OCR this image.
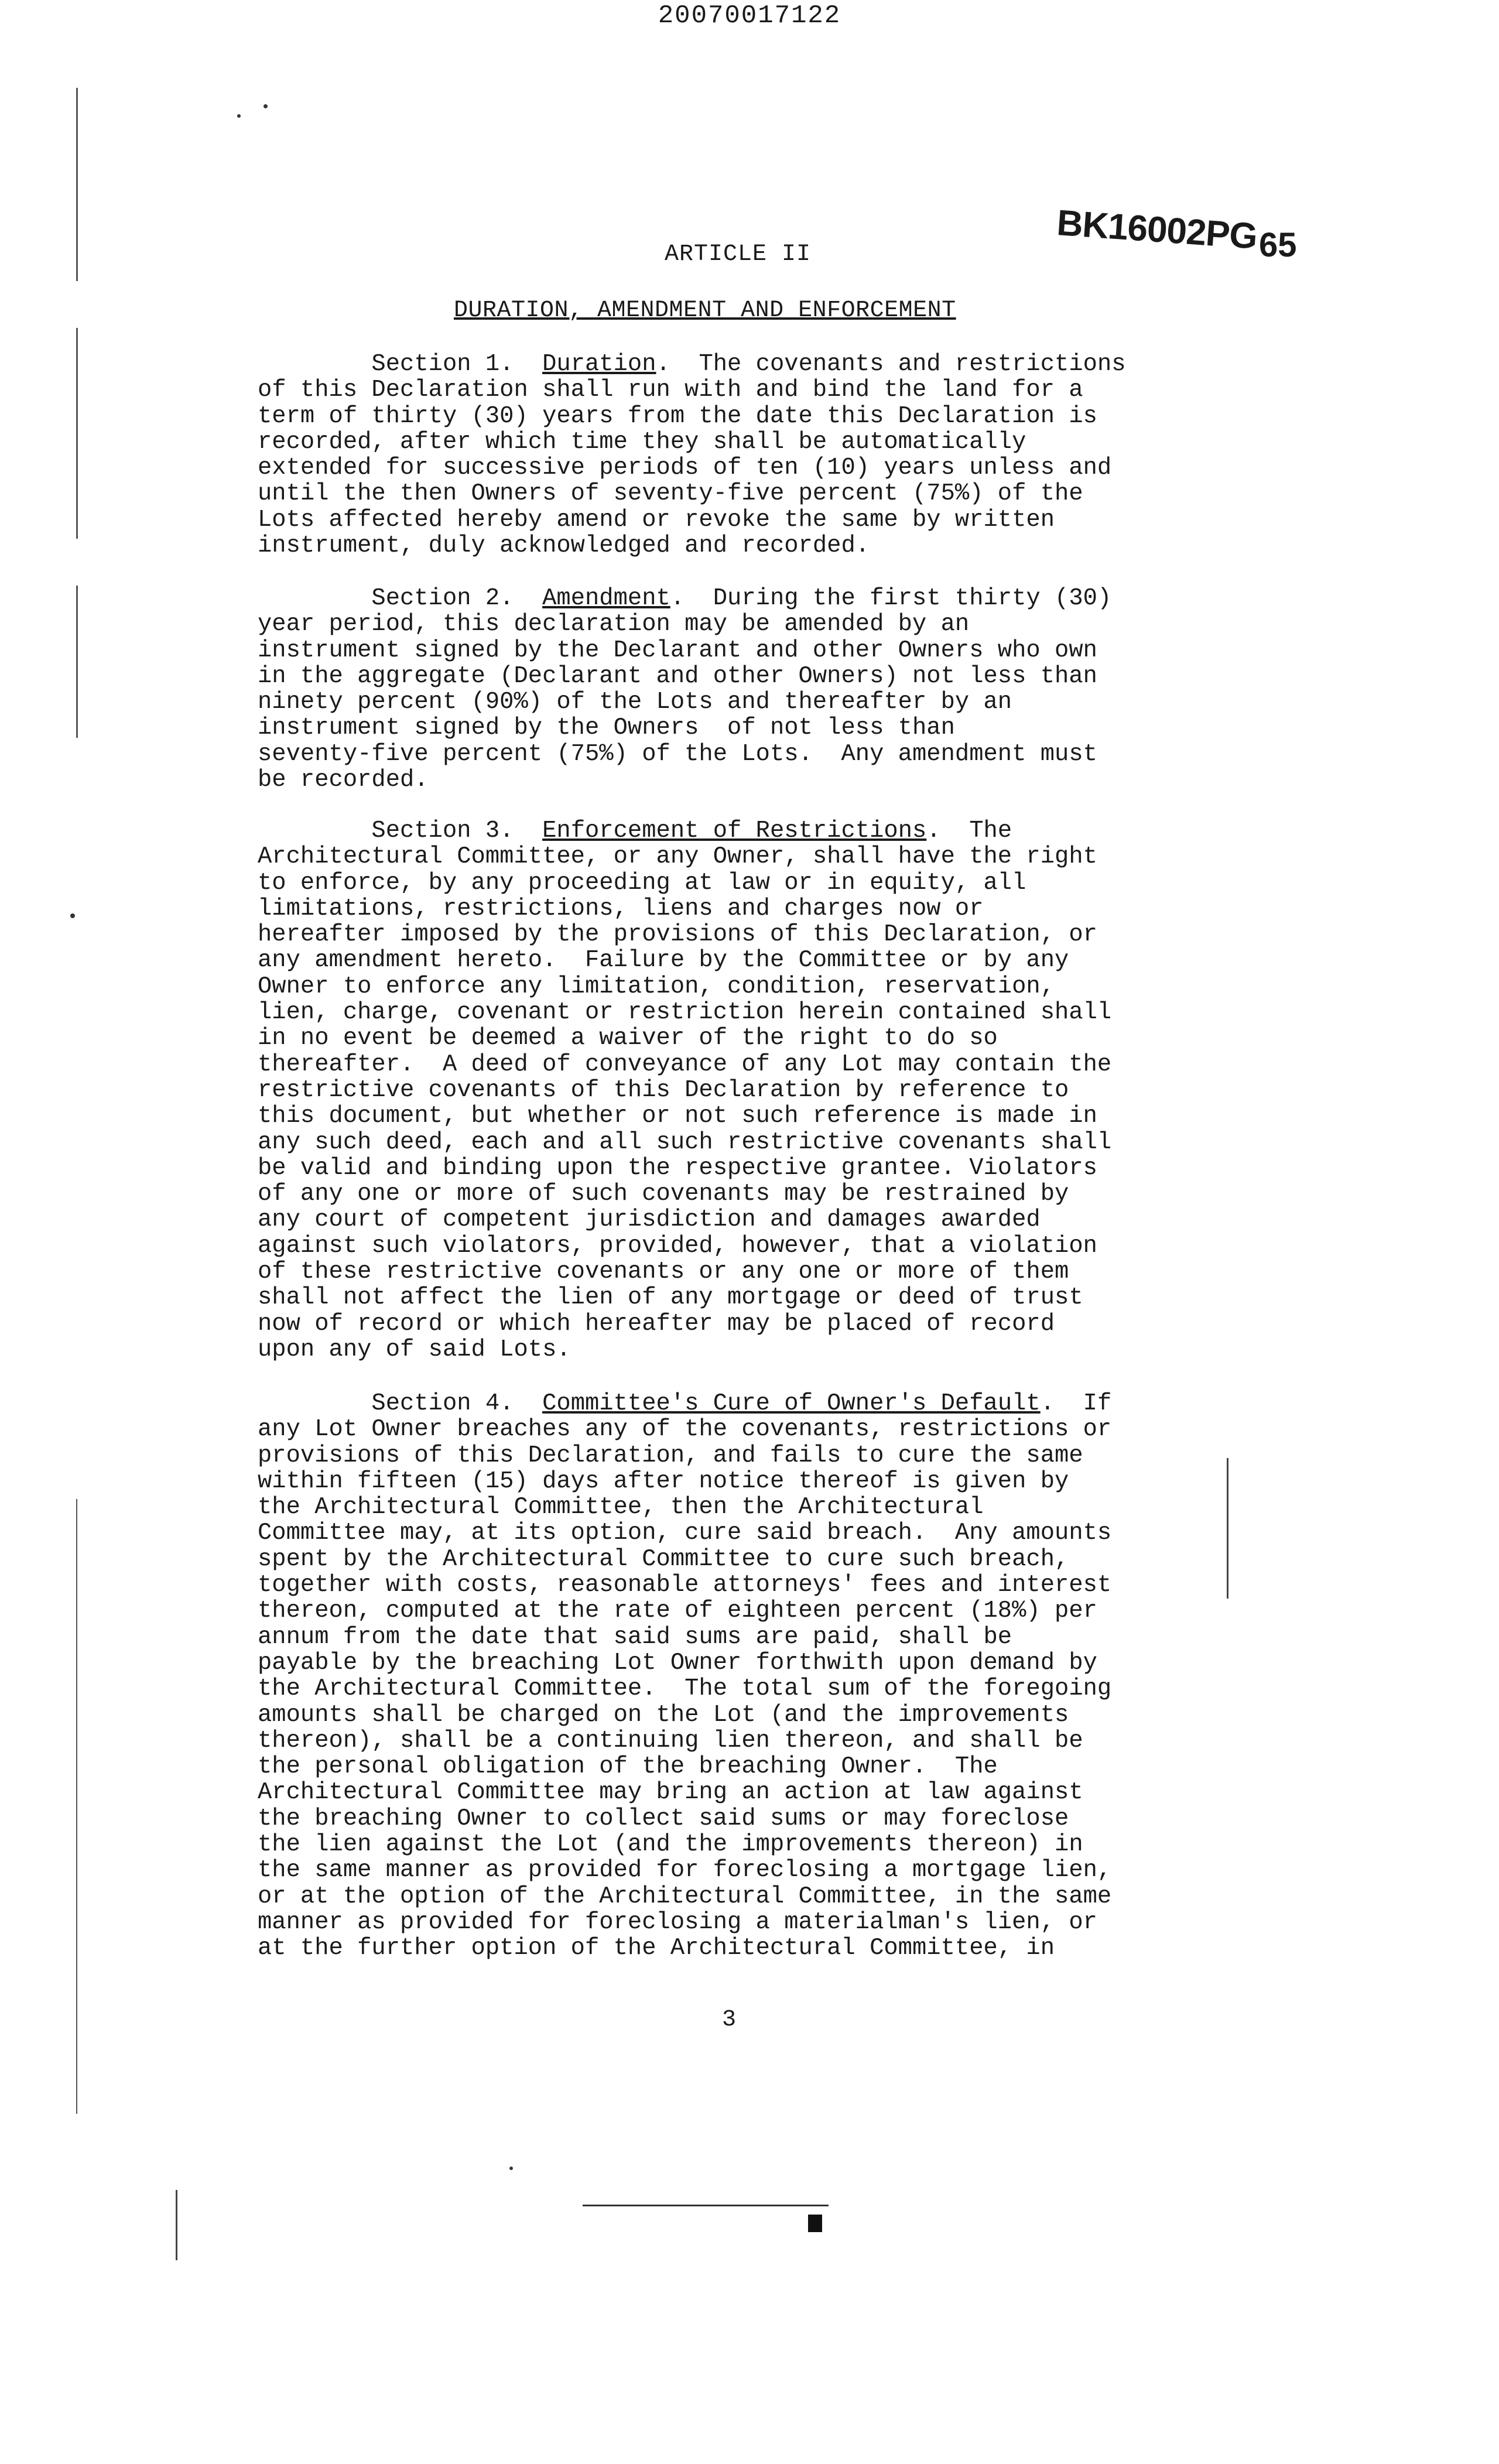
20070017122
BK16002PG 65
ARTICLE II
DURATION, AMENDMENT AND ENFORCEMENT

Section 1.  Duration.  The covenants and restrictions
of this Declaration shall run with and bind the land for a
term of thirty (30) years from the date this Declaration is
recorded, after which time they shall be automatically
extended for successive periods of ten (10) years unless and
until the then Owners of seventy-five percent (75%) of the
Lots affected hereby amend or revoke the same by written
instrument, duly acknowledged and recorded.

Section 2.  Amendment.  During the first thirty (30)
year period, this declaration may be amended by an
instrument signed by the Declarant and other Owners who own
in the aggregate (Declarant and other Owners) not less than
ninety percent (90%) of the Lots and thereafter by an
instrument signed by the Owners  of not less than
seventy-five percent (75%) of the Lots.  Any amendment must
be recorded.

Section 3.  Enforcement of Restrictions.  The
Architectural Committee, or any Owner, shall have the right
to enforce, by any proceeding at law or in equity, all
limitations, restrictions, liens and charges now or
hereafter imposed by the provisions of this Declaration, or
any amendment hereto.  Failure by the Committee or by any
Owner to enforce any limitation, condition, reservation,
lien, charge, covenant or restriction herein contained shall
in no event be deemed a waiver of the right to do so
thereafter.  A deed of conveyance of any Lot may contain the
restrictive covenants of this Declaration by reference to
this document, but whether or not such reference is made in
any such deed, each and all such restrictive covenants shall
be valid and binding upon the respective grantee. Violators
of any one or more of such covenants may be restrained by
any court of competent jurisdiction and damages awarded
against such violators, provided, however, that a violation
of these restrictive covenants or any one or more of them
shall not affect the lien of any mortgage or deed of trust
now of record or which hereafter may be placed of record
upon any of said Lots.

Section 4.  Committee's Cure of Owner's Default.  If
any Lot Owner breaches any of the covenants, restrictions or
provisions of this Declaration, and fails to cure the same
within fifteen (15) days after notice thereof is given by
the Architectural Committee, then the Architectural
Committee may, at its option, cure said breach.  Any amounts
spent by the Architectural Committee to cure such breach,
together with costs, reasonable attorneys' fees and interest
thereon, computed at the rate of eighteen percent (18%) per
annum from the date that said sums are paid, shall be
payable by the breaching Lot Owner forthwith upon demand by
the Architectural Committee.  The total sum of the foregoing
amounts shall be charged on the Lot (and the improvements
thereon), shall be a continuing lien thereon, and shall be
the personal obligation of the breaching Owner.  The
Architectural Committee may bring an action at law against
the breaching Owner to collect said sums or may foreclose
the lien against the Lot (and the improvements thereon) in
the same manner as provided for foreclosing a mortgage lien,
or at the option of the Architectural Committee, in the same
manner as provided for foreclosing a materialman's lien, or
at the further option of the Architectural Committee, in

3
